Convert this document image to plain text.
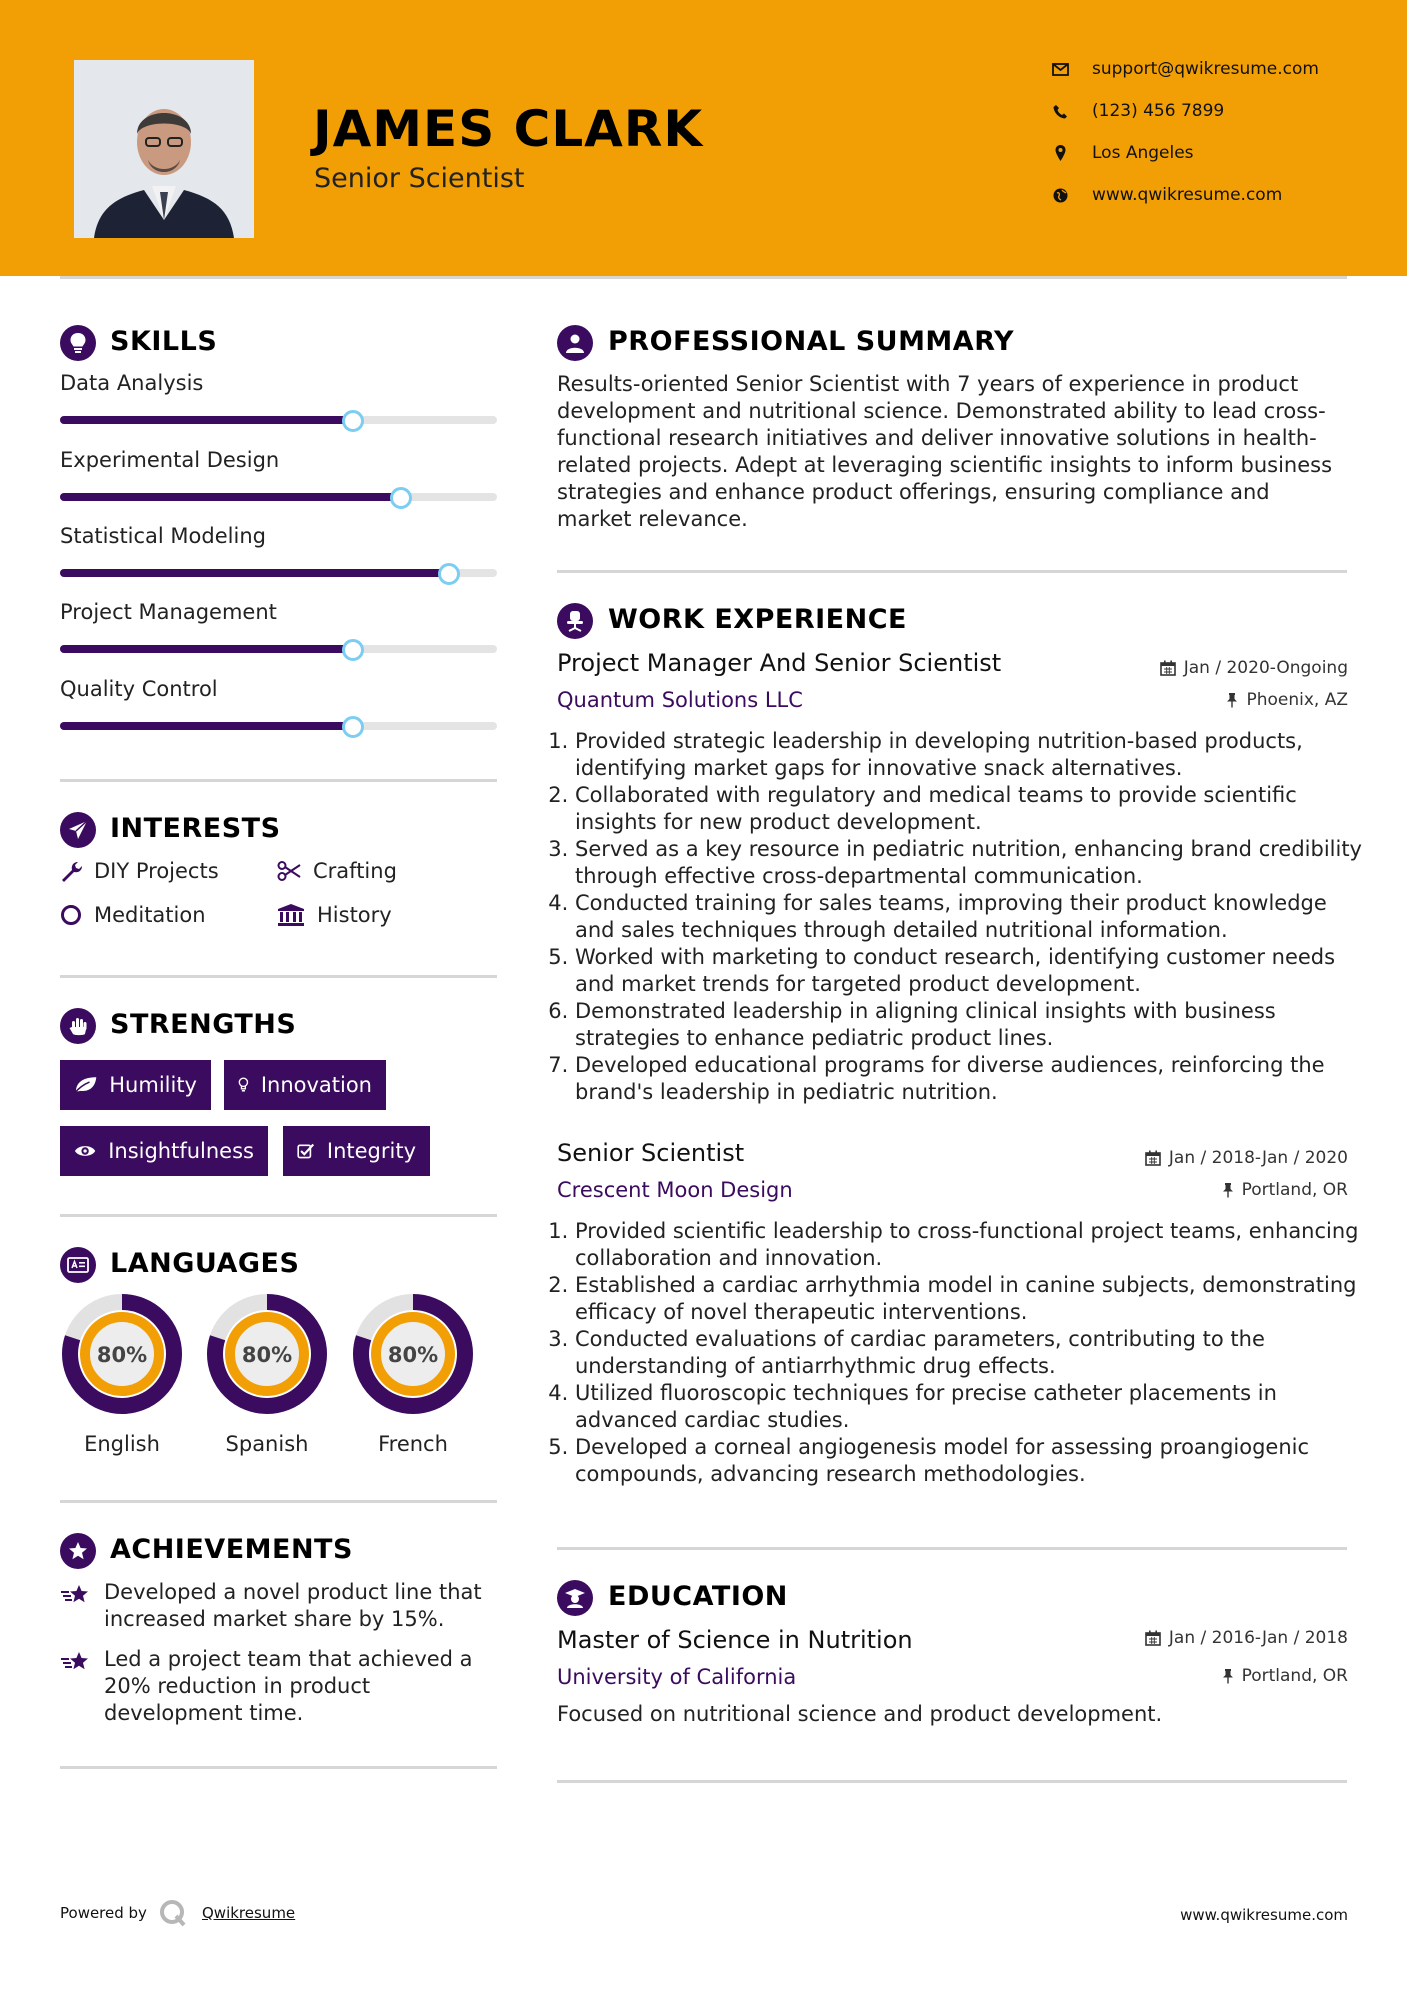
JAMES CLARK
Senior Scientist
support@qwikresume.com
(123) 456 7899
Los Angeles
www.qwikresume.com
SKILLS
Data Analysis
Experimental Design
Statistical Modeling
Project Management
Quality Control
INTERESTS
DIY Projects	Crafting
Meditation	History
STRENGTHS
Humility	Innovation
Insightfulness	Integrity
LANGUAGES
80%
English
80%
Spanish
80%
French
ACHIEVEMENTS
Developed a novel product line that increased market share by 15%.
Led a project team that achieved a 20% reduction in product development time.
PROFESSIONAL SUMMARY
Results-oriented Senior Scientist with 7 years of experience in product development and nutritional science. Demonstrated ability to lead cross-functional research initiatives and deliver innovative solutions in health-related projects. Adept at leveraging scientific insights to inform business strategies and enhance product offerings, ensuring compliance and market relevance.
WORK EXPERIENCE
Project Manager And Senior Scientist	Jan / 2020-Ongoing
Quantum Solutions LLC	Phoenix, AZ
1. Provided strategic leadership in developing nutrition-based products, identifying market gaps for innovative snack alternatives.
2. Collaborated with regulatory and medical teams to provide scientific insights for new product development.
3. Served as a key resource in pediatric nutrition, enhancing brand credibility through effective cross-departmental communication.
4. Conducted training for sales teams, improving their product knowledge and sales techniques through detailed nutritional information.
5. Worked with marketing to conduct research, identifying customer needs and market trends for targeted product development.
6. Demonstrated leadership in aligning clinical insights with business strategies to enhance pediatric product lines.
7. Developed educational programs for diverse audiences, reinforcing the brand's leadership in pediatric nutrition.
Senior Scientist	Jan / 2018-Jan / 2020
Crescent Moon Design	Portland, OR
1. Provided scientific leadership to cross-functional project teams, enhancing collaboration and innovation.
2. Established a cardiac arrhythmia model in canine subjects, demonstrating efficacy of novel therapeutic interventions.
3. Conducted evaluations of cardiac parameters, contributing to the understanding of antiarrhythmic drug effects.
4. Utilized fluoroscopic techniques for precise catheter placements in advanced cardiac studies.
5. Developed a corneal angiogenesis model for assessing proangiogenic compounds, advancing research methodologies.
EDUCATION
Master of Science in Nutrition	Jan / 2016-Jan / 2018
University of California	Portland, OR
Focused on nutritional science and product development.
Powered by	Qwikresume	www.qwikresume.com
